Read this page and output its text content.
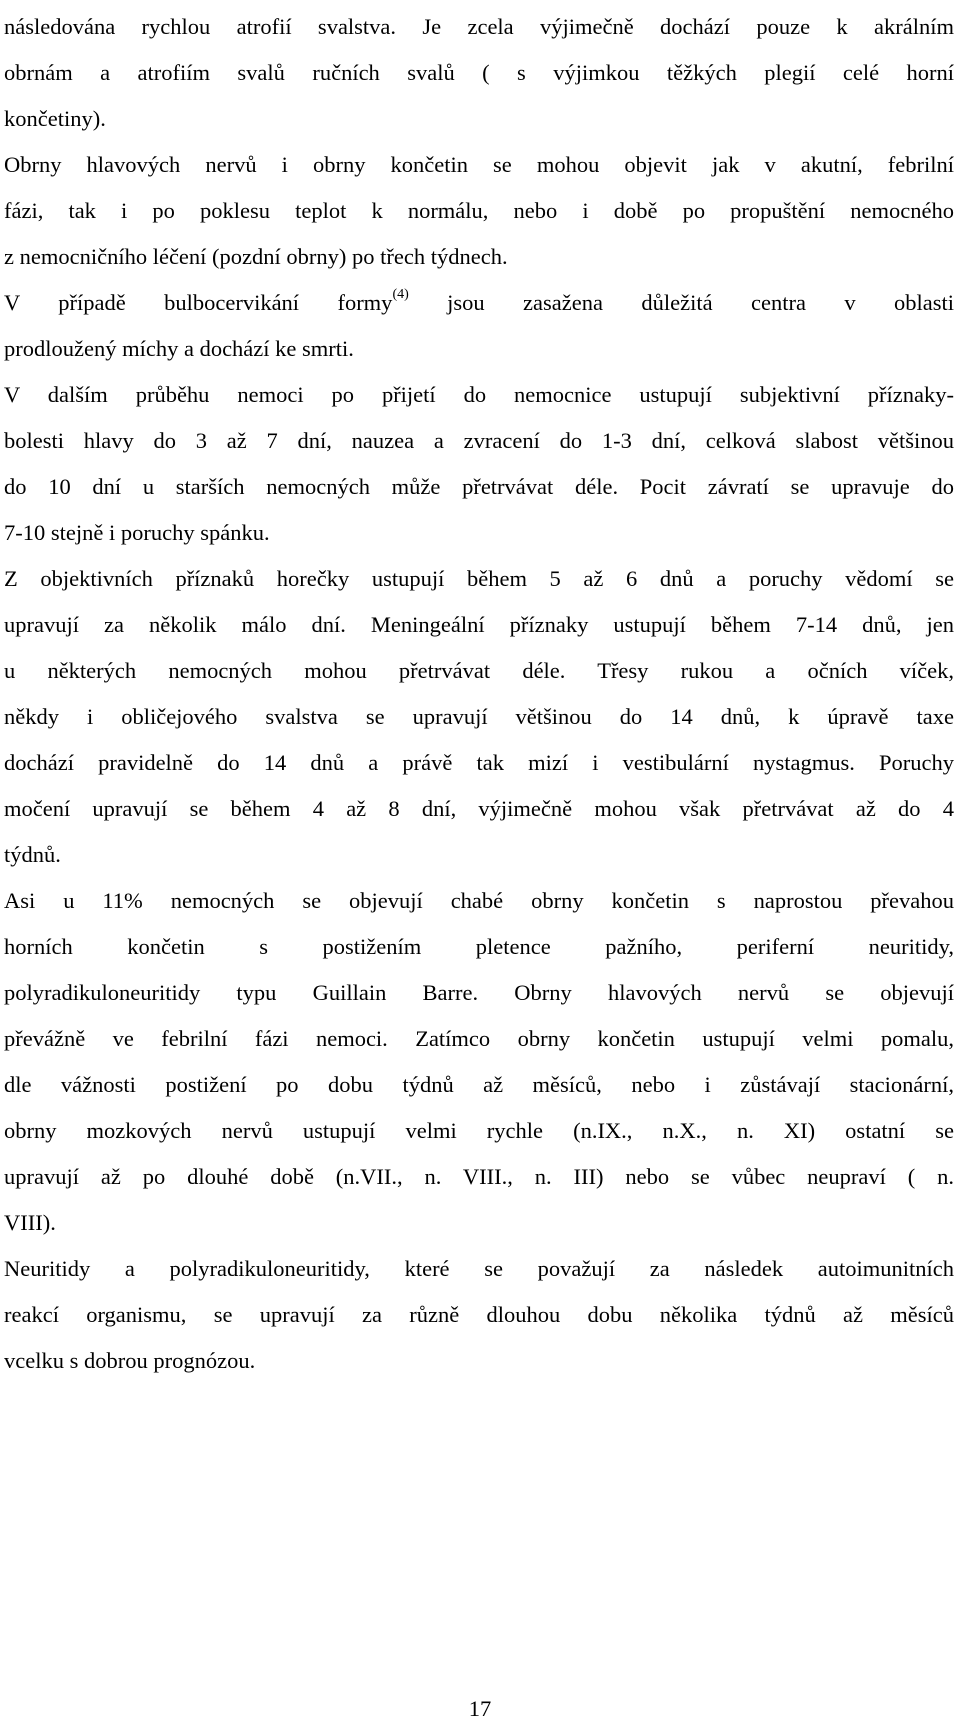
následována rychlou atrofií svalstva. Je zcela výjimečně dochází pouze k akrálním
obrnám a atrofiím svalů ručních svalů ( s výjimkou těžkých plegií celé horní
končetiny).
Obrny hlavových nervů i obrny končetin se mohou objevit jak v akutní, febrilní
fázi, tak i po poklesu teplot k normálu, nebo i době po propuštění nemocného
z nemocničního léčení (pozdní obrny) po třech týdnech.
V případě bulbocervikání formy$^{(4)}$ jsou zasažena důležitá centra v oblasti
prodloužený míchy a dochází ke smrti.
V dalším průběhu nemoci po přijetí do nemocnice ustupují subjektivní příznaky-
bolesti hlavy do 3 až 7 dní, nauzea a zvracení do 1-3 dní, celková slabost většinou
do 10 dní u starších nemocných může přetrvávat déle. Pocit závratí se upravuje do
7-10 stejně i poruchy spánku.
Z objektivních příznaků horečky ustupují během 5 až 6 dnů a poruchy vědomí se
upravují za několik málo dní. Meningeální příznaky ustupují během 7-14 dnů, jen
u některých nemocných mohou přetrvávat déle. Třesy rukou a očních víček,
někdy i obličejového svalstva se upravují většinou do 14 dnů, k úpravě taxe
dochází pravidelně do 14 dnů a právě tak mizí i vestibulární nystagmus. Poruchy
močení upravují se během 4 až 8 dní, výjimečně mohou však přetrvávat až do 4
týdnů.
Asi u 11% nemocných se objevují chabé obrny končetin s naprostou převahou
horních končetin s postižením pletence pažního, periferní neuritidy,
polyradikuloneuritidy typu Guillain Barre. Obrny hlavových nervů se objevují
převážně ve febrilní fázi nemoci. Zatímco obrny končetin ustupují velmi pomalu,
dle vážnosti postižení po dobu týdnů až měsíců, nebo i zůstávají stacionární,
obrny mozkových nervů ustupují velmi rychle (n.IX., n.X., n. XI) ostatní se
upravují až po dlouhé době (n.VII., n. VIII., n. III) nebo se vůbec neupraví ( n.
VIII).
Neuritidy a polyradikuloneuritidy, které se považují za následek autoimunitních
reakcí organismu, se upravují za různě dlouhou dobu několika týdnů až měsíců
vcelku s dobrou prognózou.
17
